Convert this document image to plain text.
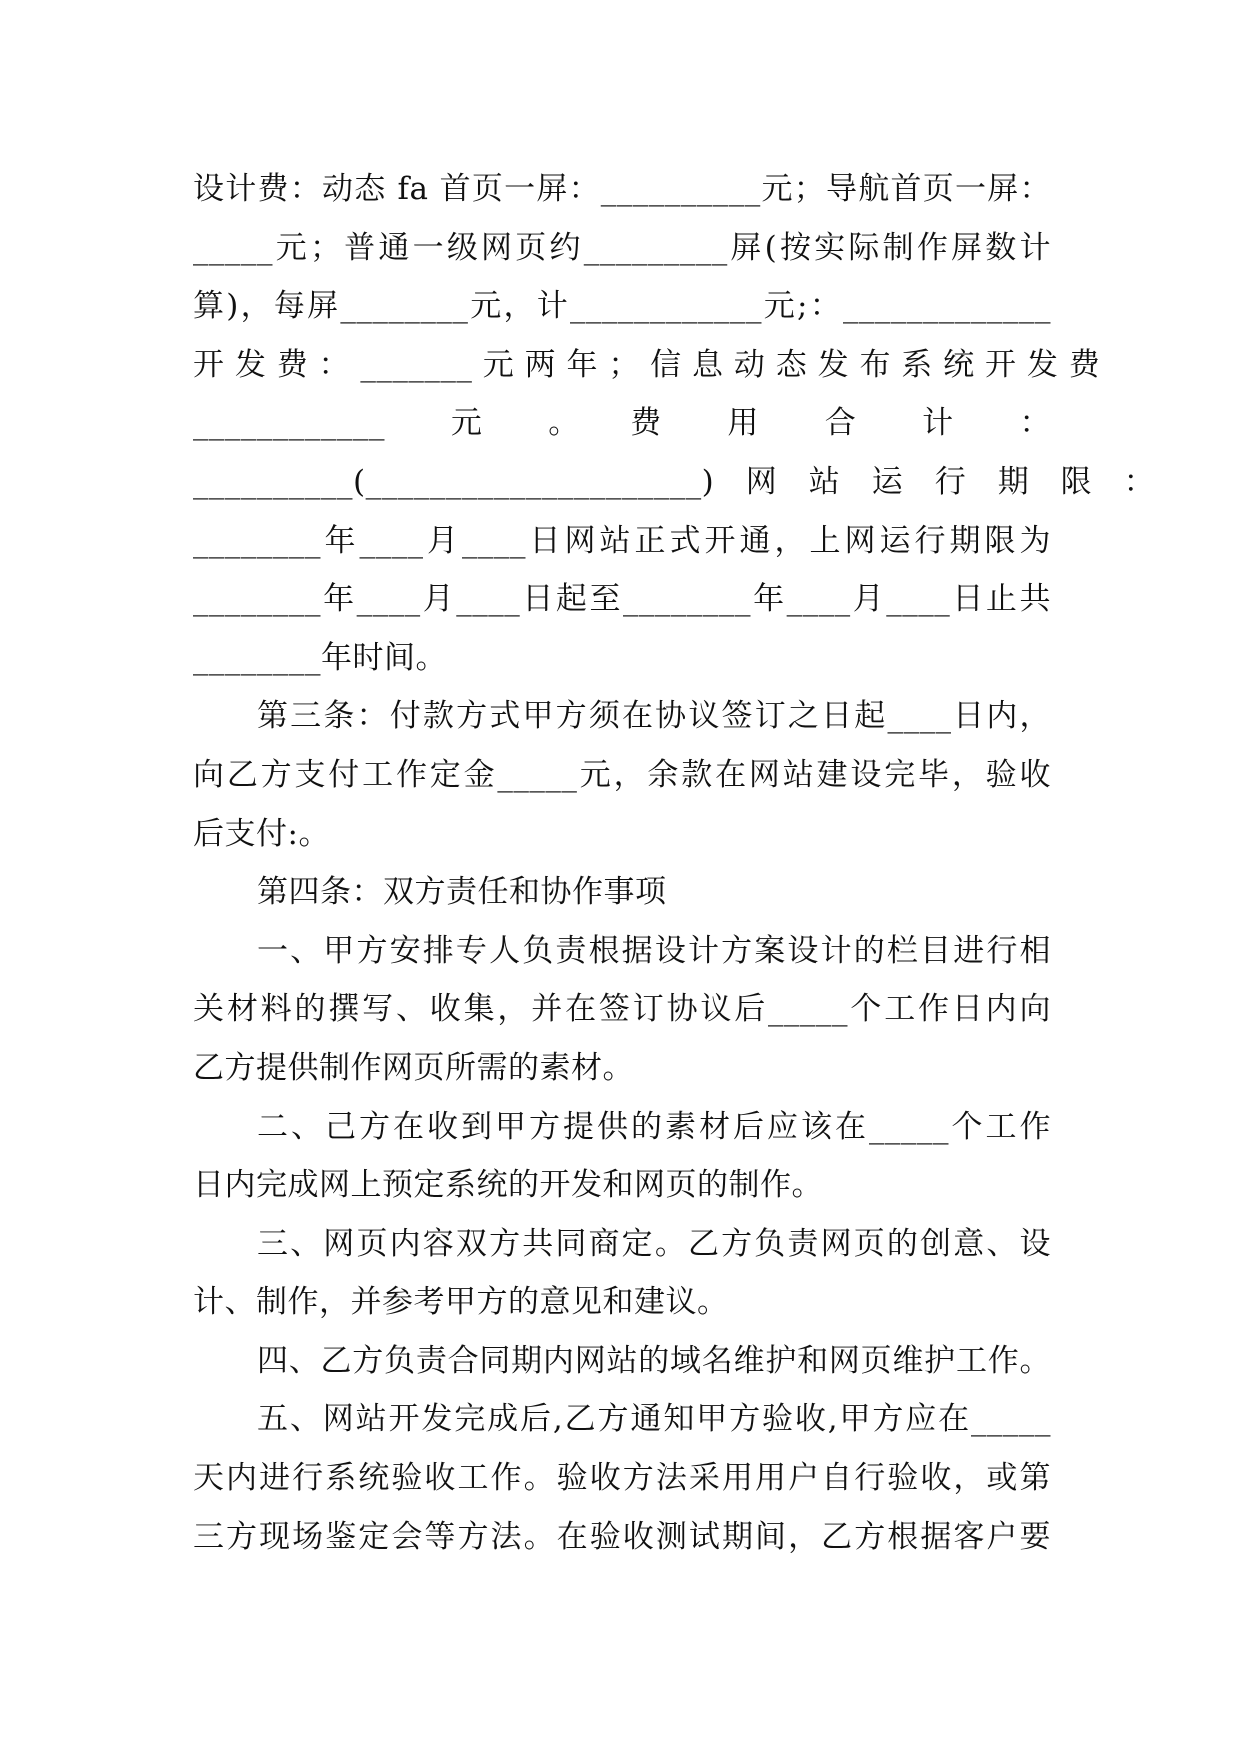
设计费：动态 fa 首页一屏：__________元；导航首页一屏：
_____元；普通一级网页约_________屏(按实际制作屏数计
算)，每屏________元，计____________元;：_____________
开 发 费 ： _______ 元 两 年 ； 信 息 动 态 发 布 系 统 开 发 费
____________　　元　　。　　费　　用　　合　　计　　：
__________(_____________________)　网　站　运　行　期　限　：
________年____月____日网站正式开通，上网运行期限为
________年____月____日起至________年____月____日止共
________年时间。
第三条：付款方式甲方须在协议签订之日起____日内，
向乙方支付工作定金_____元，余款在网站建设完毕，验收
后支付:。
第四条：双方责任和协作事项
一、甲方安排专人负责根据设计方案设计的栏目进行相
关材料的撰写、收集，并在签订协议后_____个工作日内向
乙方提供制作网页所需的素材。
二、己方在收到甲方提供的素材后应该在_____个工作
日内完成网上预定系统的开发和网页的制作。
三、网页内容双方共同商定。乙方负责网页的创意、设
计、制作，并参考甲方的意见和建议。
四、乙方负责合同期内网站的域名维护和网页维护工作。
五、网站开发完成后,乙方通知甲方验收,甲方应在_____
天内进行系统验收工作。验收方法采用用户自行验收，或第
三方现场鉴定会等方法。在验收测试期间，乙方根据客户要
